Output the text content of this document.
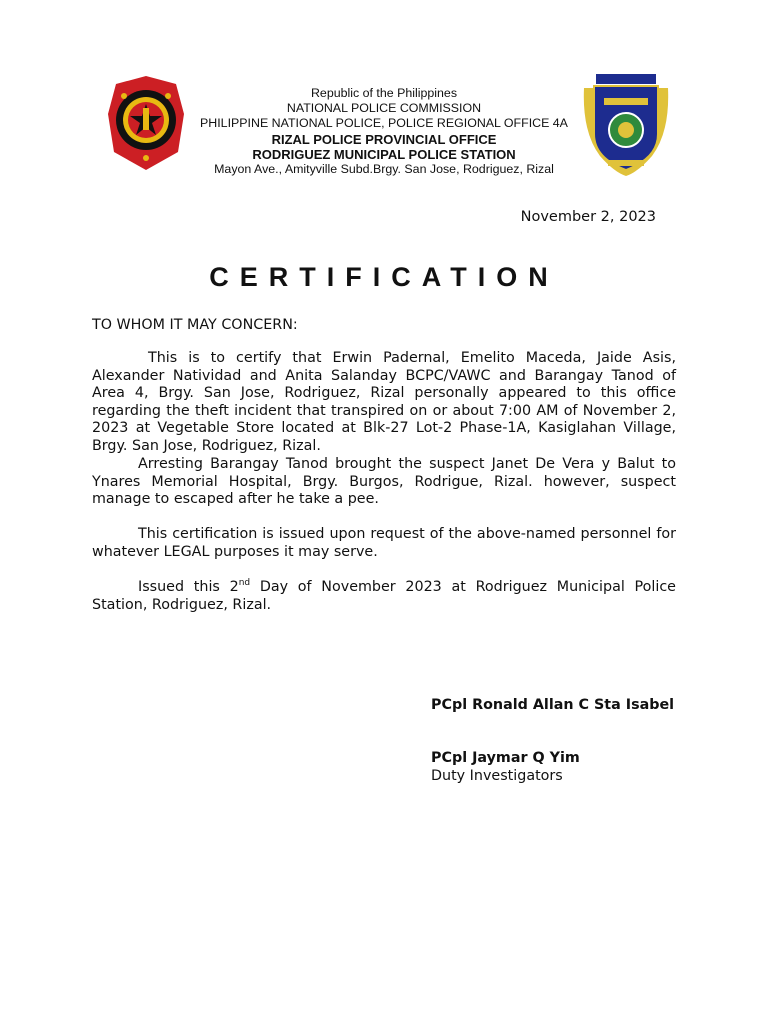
Republic of the Philippines
NATIONAL POLICE COMMISSION
PHILIPPINE NATIONAL POLICE, POLICE REGIONAL OFFICE 4A
RIZAL POLICE PROVINCIAL OFFICE
RODRIGUEZ MUNICIPAL POLICE STATION
Mayon Ave., Amityville Subd.Brgy. San Jose, Rodriguez, Rizal
November 2, 2023
CERTIFICATION
TO WHOM IT MAY CONCERN:

This is to certify that Erwin Padernal, Emelito Maceda, Jaide Asis, Alexander Natividad and Anita Salanday BCPC/VAWC and Barangay Tanod of Area 4, Brgy. San Jose, Rodriguez, Rizal personally appeared to this office regarding the theft incident that transpired on or about 7:00 AM of November 2, 2023 at Vegetable Store located at Blk-27 Lot-2 Phase-1A, Kasiglahan Village, Brgy. San Jose, Rodriguez, Rizal.

Arresting Barangay Tanod brought the suspect Janet De Vera y Balut to Ynares Memorial Hospital, Brgy. Burgos, Rodrigue, Rizal. however, suspect manage to escaped after he take a pee.

This certification is issued upon request of the above-named personnel for whatever LEGAL purposes it may serve.

Issued this 2nd Day of November 2023 at Rodriguez Municipal Police Station, Rodriguez, Rizal.

PCpl Ronald Allan C Sta Isabel
PCpl Jaymar Q Yim
Duty Investigators
